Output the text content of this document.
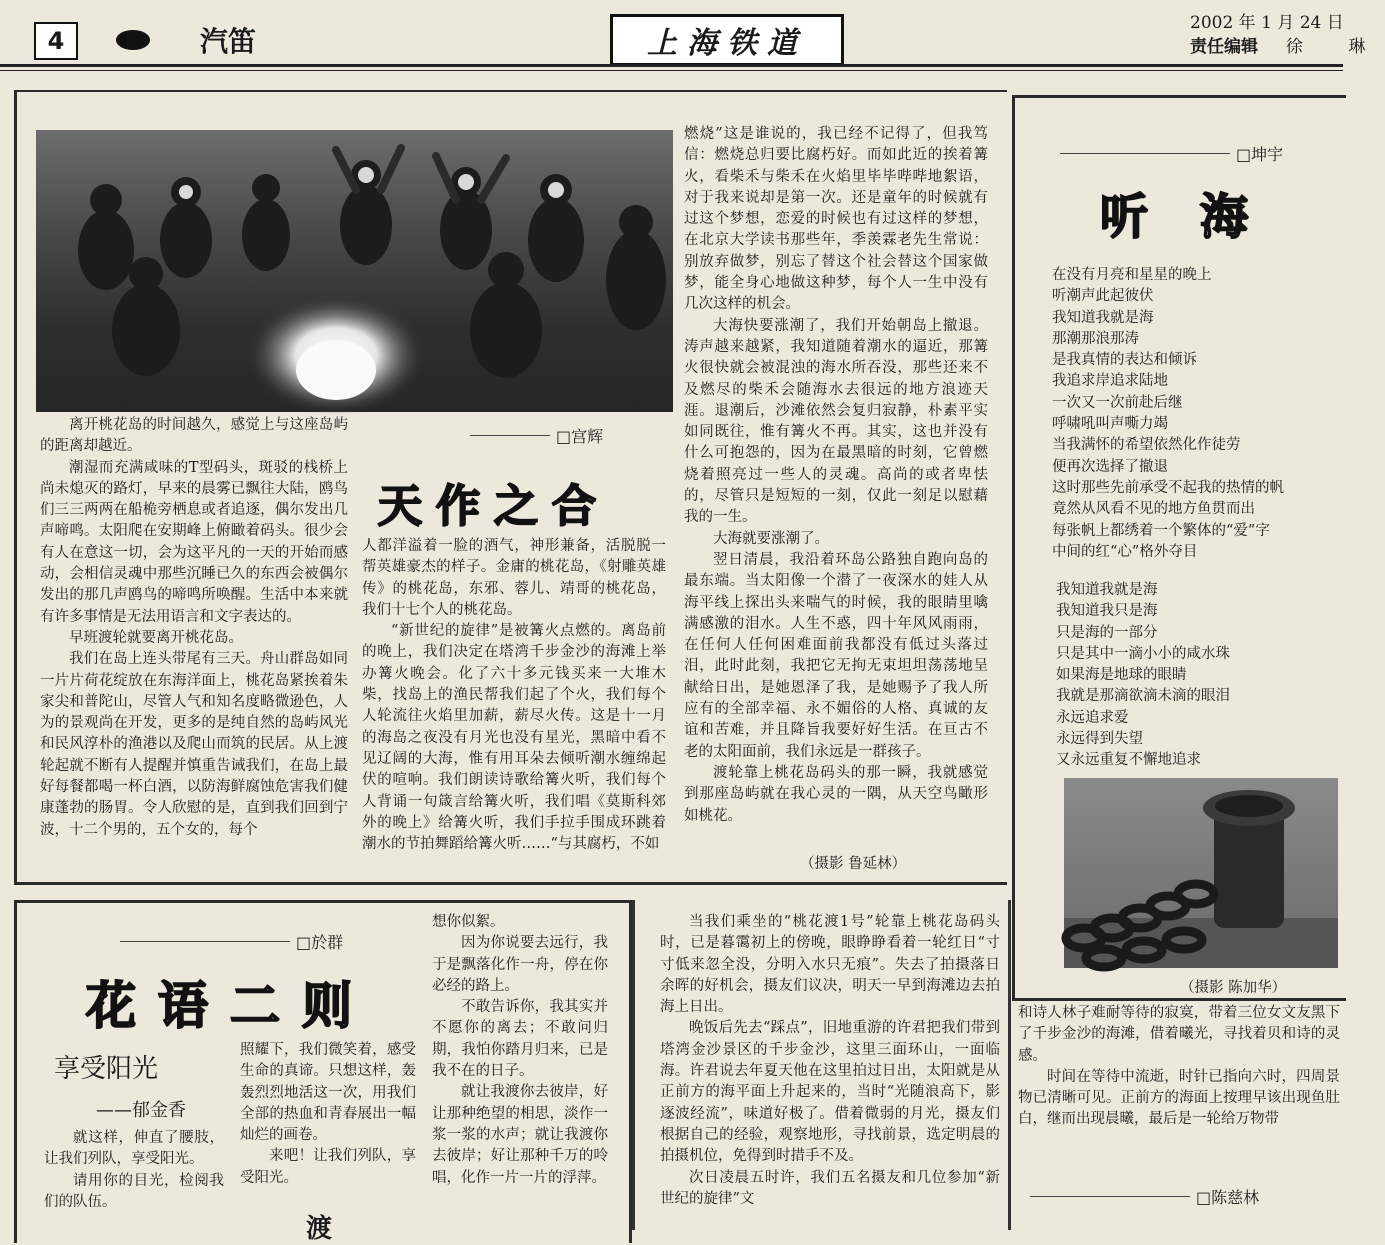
4	汽笛	上海铁道
2002 年 1 月 24 日
责任编辑 徐 琳

离开桃花岛的时间越久，感觉上与这座岛屿的距离却越近。

潮湿而充满咸味的T型码头，斑驳的栈桥上尚未熄灭的路灯，早来的晨雾已飘往大陆，鸥鸟们三三两两在船桅旁栖息或者追逐，偶尔发出几声啼鸣。太阳爬在安期峰上俯瞰着码头。很少会有人在意这一切，会为这平凡的一天的开始而感动，会相信灵魂中那些沉睡已久的东西会被偶尔发出的那几声鸥鸟的啼鸣所唤醒。生活中本来就有许多事情是无法用语言和文字表达的。

早班渡轮就要离开桃花岛。

我们在岛上连头带尾有三天。舟山群岛如同一片片荷花绽放在东海洋面上，桃花岛紧挨着朱家尖和普陀山，尽管人气和知名度略微逊色，人为的景观尚在开发，更多的是纯自然的岛屿风光和民风淳朴的渔港以及爬山而筑的民居。从上渡轮起就不断有人提醒并慎重告诫我们，在岛上最好每餐都喝一杯白酒，以防海鲜腐蚀危害我们健康蓬勃的肠胃。令人欣慰的是，直到我们回到宁波，十二个男的，五个女的，每个

□宫辉
天作之合

人都洋溢着一脸的酒气，神形兼备，活脱脱一帮英雄豪杰的样子。金庸的桃花岛，《射雕英雄传》的桃花岛，东邪、蓉儿、靖哥的桃花岛，我们十七个人的桃花岛。

“新世纪的旋律”是被篝火点燃的。离岛前的晚上，我们决定在塔湾千步金沙的海滩上举办篝火晚会。化了六十多元钱买来一大堆木柴，找岛上的渔民帮我们起了个火，我们每个人轮流往火焰里加薪，薪尽火传。这是十一月的海岛之夜没有月光也没有星光，黑暗中看不见辽阔的大海，惟有用耳朵去倾听潮水缠绵起伏的喧响。我们朗读诗歌给篝火听，我们每个人背诵一句箴言给篝火听，我们唱《莫斯科郊外的晚上》给篝火听，我们手拉手围成环跳着潮水的节拍舞蹈给篝火听……“与其腐朽，不如

燃烧”这是谁说的，我已经不记得了，但我笃信：燃烧总归要比腐朽好。而如此近的挨着篝火，看柴禾与柴禾在火焰里毕毕哔哔地絮语，对于我来说却是第一次。还是童年的时候就有过这个梦想，恋爱的时候也有过这样的梦想，在北京大学读书那些年，季羡霖老先生常说：别放弃做梦，别忘了替这个社会替这个国家做梦，能全身心地做这种梦，每个人一生中没有几次这样的机会。

大海快要涨潮了，我们开始朝岛上撤退。涛声越来越紧，我知道随着潮水的逼近，那篝火很快就会被混浊的海水所吞没，那些还来不及燃尽的柴禾会随海水去很远的地方浪迹天涯。退潮后，沙滩依然会复归寂静，朴素平实如同既往，惟有篝火不再。其实，这也并没有什么可抱怨的，因为在最黑暗的时刻，它曾燃烧着照亮过一些人的灵魂。高尚的或者卑怯的，尽管只是短短的一刻，仅此一刻足以慰藉我的一生。

大海就要涨潮了。

翌日清晨，我沿着环岛公路独自跑向岛的最东端。当太阳像一个潜了一夜深水的娃人从海平线上探出头来喘气的时候，我的眼睛里噙满感激的泪水。人生不惑，四十年风风雨雨，在任何人任何困难面前我都没有低过头落过泪，此时此刻，我把它无拘无束坦坦荡荡地呈献给日出，是她恩泽了我，是她赐予了我人所应有的全部幸福、永不媚俗的人格、真诚的友谊和苦难，并且降旨我要好好生活。在亘古不老的太阳面前，我们永远是一群孩子。

渡轮靠上桃花岛码头的那一瞬，我就感觉到那座岛屿就在我心灵的一隅，从天空鸟瞰形如桃花。

（摄影 鲁延林）
□坤宇
听海
在没有月亮和星星的晚上
听潮声此起彼伏
我知道我就是海
那潮那浪那涛
是我真情的表达和倾诉
我追求岸追求陆地
一次又一次前赴后继
呼啸吼叫声嘶力竭
当我满怀的希望依然化作徒劳
便再次选择了撤退
这时那些先前承受不起我的热情的帆
竟然从风看不见的地方鱼贯而出
每张帆上都绣着一个繁体的“爱”字
中间的红“心”格外夺目
我知道我就是海
我知道我只是海
只是海的一部分
只是其中一滴小小的咸水珠
如果海是地球的眼睛
我就是那滴欲滴未滴的眼泪
永远追求爱
永远得到失望
又永远重复不懈地追求
（摄影 陈加华）
□於群
花语二则
享受阳光
——郁金香

就这样，伸直了腰肢，让我们列队，享受阳光。

请用你的目光，检阅我们的队伍。

照耀下，我们微笑着，感受生命的真谛。只想这样，轰轰烈烈地活这一次，用我们全部的热血和青春展出一幅灿烂的画卷。

来吧！让我们列队，享受阳光。

渡

想你似絮。

因为你说要去远行，我于是飘落化作一舟，停在你必经的路上。

不敢告诉你，我其实并不愿你的离去；不敢问归期，我怕你踏月归来，已是我不在的日子。

就让我渡你去彼岸，好让那种绝望的相思，淡作一浆一浆的水声；就让我渡你去彼岸；好让那种千万的呤唱，化作一片一片的浮萍。

当我们乘坐的“桃花渡1号”轮靠上桃花岛码头时，已是暮霭初上的傍晚，眼睁睁看着一轮红日“寸寸低来忽全没，分明入水只无痕”。失去了拍摄落日余晖的好机会，摄友们议决，明天一早到海滩边去拍海上日出。

晚饭后先去“踩点”，旧地重游的许君把我们带到塔湾金沙景区的千步金沙，这里三面环山，一面临海。许君说去年夏天他在这里拍过日出，太阳就是从正前方的海平面上升起来的，当时“光随浪高下，影逐波经流”，味道好极了。借着微弱的月光，摄友们根据自己的经验，观察地形，寻找前景，选定明晨的拍摄机位，免得到时措手不及。

次日凌晨五时许，我们五名摄友和几位参加“新世纪的旋律”文

和诗人林子难耐等待的寂寞，带着三位女文友黑下了千步金沙的海滩，借着曦光，寻找着贝和诗的灵感。

时间在等待中流逝，时针已指向六时，四周景物已清晰可见。正前方的海面上按理早该出现鱼肚白，继而出现晨曦，最后是一轮给万物带

□陈慈林
